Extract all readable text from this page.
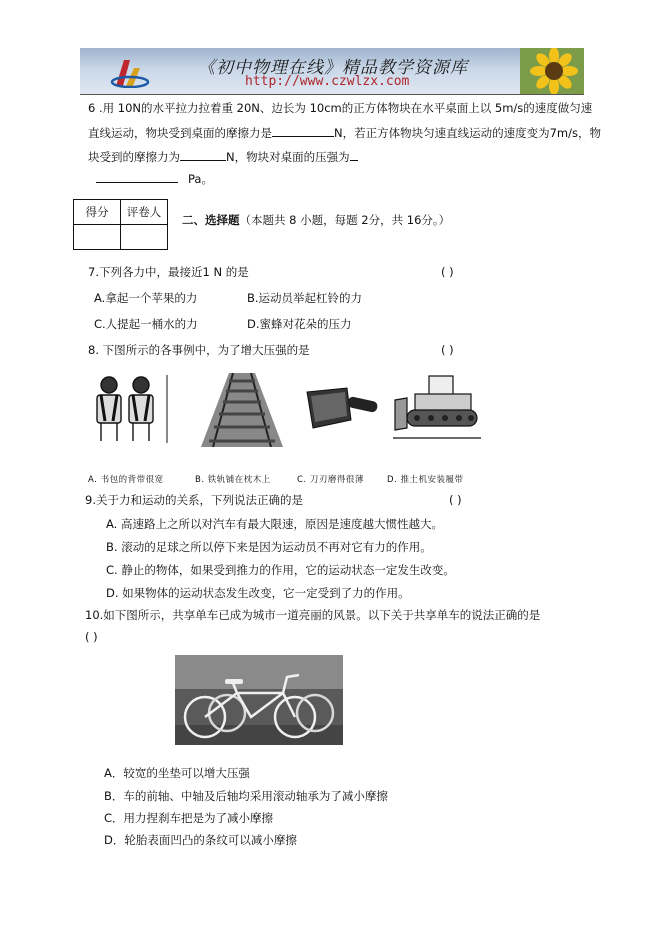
《初中物理在线》精品教学资源库
http://www.czwlzx.com
6 .用 10N的水平拉力拉着重 20N、边长为 10cm的正方体物块在水平桌面上以 5m/s的速度做匀速
直线运动，物块受到桌面的摩擦力是	N，若正方体物块匀速直线运动的速度变为7m/s，物
块受到的摩擦力为	N，物块对桌面的压强为
Pa。
得分	评卷人

二、选择题（本题共 8 小题，每题 2分，共 16分。）
7.下列各力中，最接近1 N 的是	( )
A.拿起一个苹果的力	B.运动员举起杠铃的力
C.人提起一桶水的力	D.蜜蜂对花朵的压力
8. 下图所示的各事例中，为了增大压强的是	( )
A. 书包的背带很宽	B. 铁轨铺在枕木上	C. 刀刃磨得很薄	D. 推土机安装履带
9.关于力和运动的关系，下列说法正确的是	( )
A. 高速路上之所以对汽车有最大限速，原因是速度越大惯性越大。
B. 滚动的足球之所以停下来是因为运动员不再对它有力的作用。
C. 静止的物体，如果受到推力的作用，它的运动状态一定发生改变。
D. 如果物体的运动状态发生改变，它一定受到了力的作用。
10.如下图所示，共享单车已成为城市一道亮丽的风景。以下关于共享单车的说法正确的是
( )
A．较宽的坐垫可以增大压强
B．车的前轴、中轴及后轴均采用滚动轴承为了减小摩擦
C．用力捏刹车把是为了减小摩擦
D．轮胎表面凹凸的条纹可以减小摩擦
